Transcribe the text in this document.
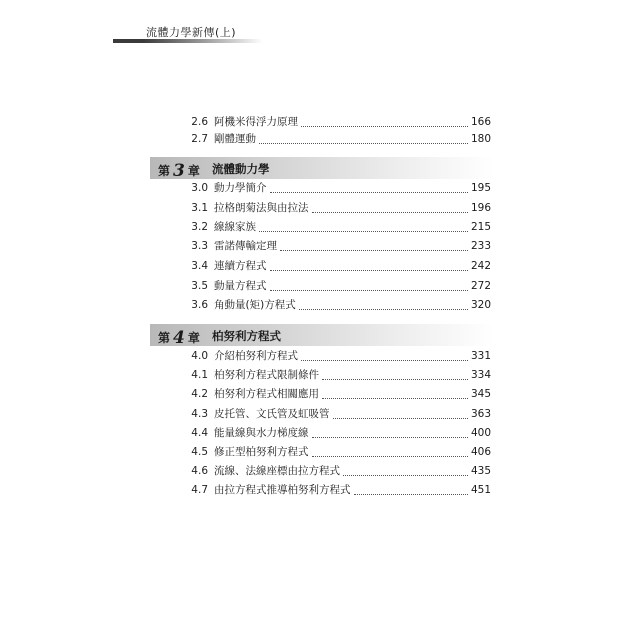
流體力學新傳(上)
2.6 阿機米得浮力原理	166
2.7 剛體運動	180
第 3 章 流體動力學
3.0 動力學簡介	195
3.1 拉格朗菊法與由拉法	196
3.2 線線家族	215
3.3 雷諾傳輸定理	233
3.4 連續方程式	242
3.5 動量方程式	272
3.6 角動量(矩)方程式	320
第 4 章 柏努利方程式
4.0 介紹柏努利方程式	331
4.1 柏努利方程式限制條件	334
4.2 柏努利方程式相關應用	345
4.3 皮托管、文氏管及虹吸管	363
4.4 能量線與水力梯度線	400
4.5 修正型柏努利方程式	406
4.6 流線、法線座標由拉方程式	435
4.7 由拉方程式推導柏努利方程式	451
